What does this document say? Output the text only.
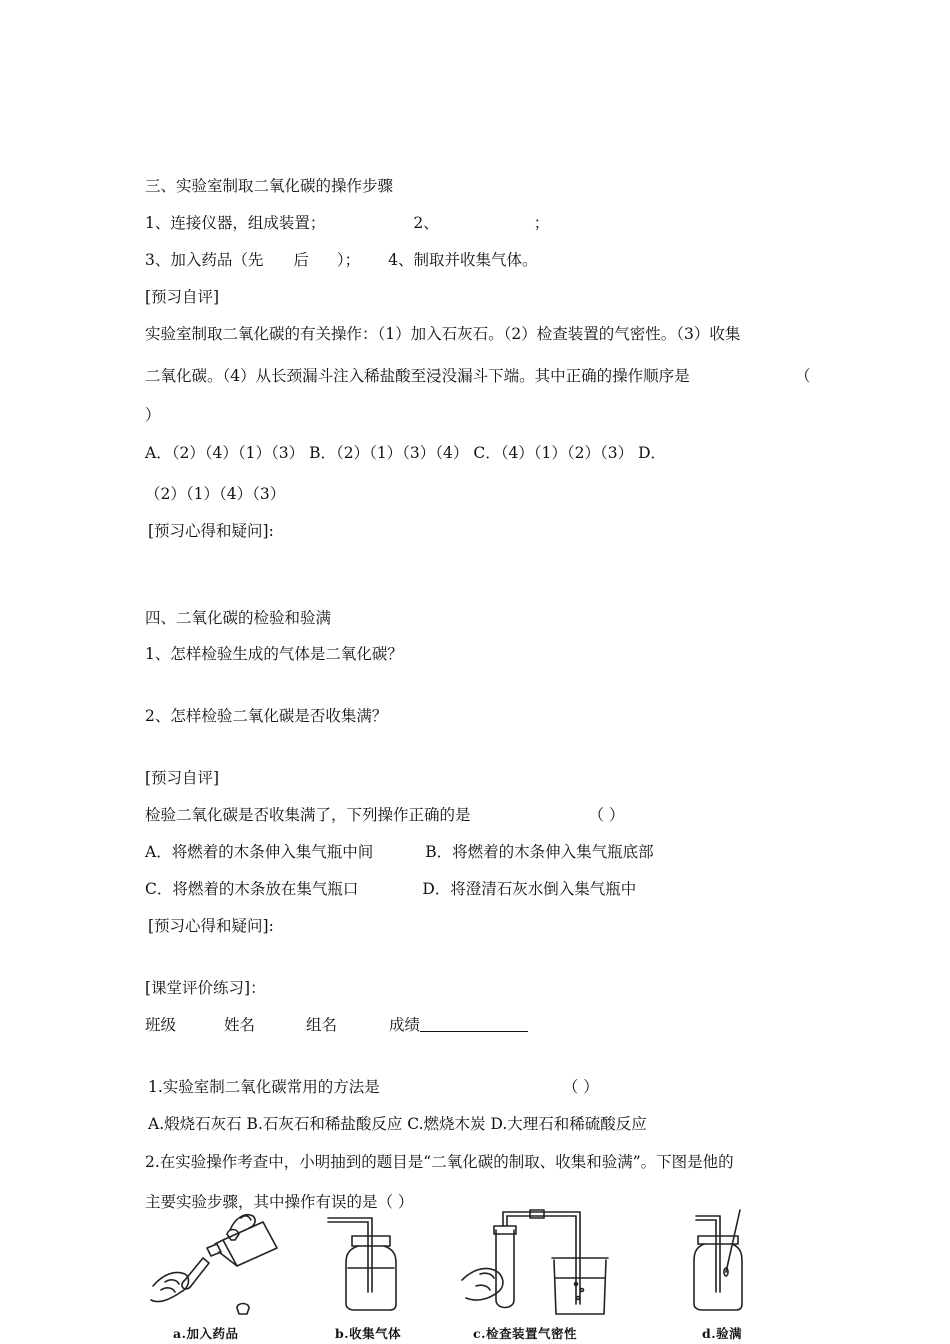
三、实验室制取二氧化碳的操作步骤
1、连接仪器，组成装置；	2、	；
3、加入药品（先 后 ）； 4、制取并收集气体。
[预习自评]
实验室制取二氧化碳的有关操作：（1）加入石灰石。（2）检查装置的气密性。（3）收集
二氧化碳。（4）从长颈漏斗注入稀盐酸至浸没漏斗下端。其中正确的操作顺序是	（
）
A．（2）（4）（1）（3） B．（2）（1）（3）（4） C．（4）（1）（2）（3） D．
（2）（1）（4）（3）
[预习心得和疑问]:
四、二氧化碳的检验和验满
1、怎样检验生成的气体是二氧化碳？
2、怎样检验二氧化碳是否收集满？
[预习自评]
检验二氧化碳是否收集满了，下列操作正确的是	（ ）
A．将燃着的木条伸入集气瓶中间	B．将燃着的木条伸入集气瓶底部
C．将燃着的木条放在集气瓶口	D．将澄清石灰水倒入集气瓶中
[预习心得和疑问]:
[课堂评价练习]：
班级	姓名	组名	成绩
1.实验室制二氧化碳常用的方法是	（ ）
A.煅烧石灰石 B.石灰石和稀盐酸反应 C.燃烧木炭 D.大理石和稀硫酸反应
2.在实验操作考查中，小明抽到的题目是“二氧化碳的制取、收集和验满”。下图是他的
主要实验步骤，其中操作有误的是（ ）
a.加入药品	b.收集气体	c.检查装置气密性	d.验满
